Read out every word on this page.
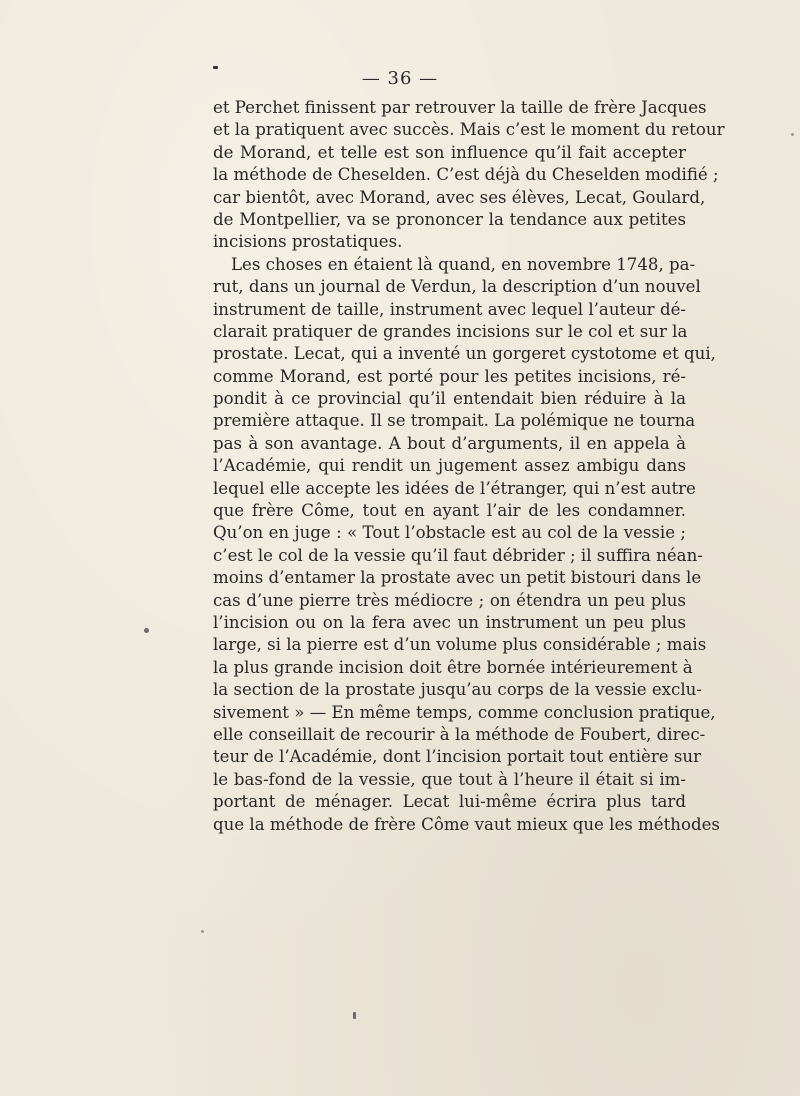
— 36 —
et Perchet finissent par retrouver la taille de frère Jacques
et la pratiquent avec succès. Mais c’est le moment du retour
de Morand, et telle est son influence qu’il fait accepter
la méthode de Cheselden. C’est déjà du Cheselden modifié ;
car bientôt, avec Morand, avec ses élèves, Lecat, Goulard,
de Montpellier, va se prononcer la tendance aux petites
incisions prostatiques.
Les choses en étaient là quand, en novembre 1748, pa-
rut, dans un journal de Verdun, la description d’un nouvel
instrument de taille, instrument avec lequel l’auteur dé-
clarait pratiquer de grandes incisions sur le col et sur la
prostate. Lecat, qui a inventé un gorgeret cystotome et qui,
comme Morand, est porté pour les petites incisions, ré-
pondit à ce provincial qu’il entendait bien réduire à la
première attaque. Il se trompait. La polémique ne tourna
pas à son avantage. A bout d’arguments, il en appela à
l’Académie, qui rendit un jugement assez ambigu dans
lequel elle accepte les idées de l’étranger, qui n’est autre
que frère Côme, tout en ayant l’air de les condamner.
Qu’on en juge : « Tout l’obstacle est au col de la vessie ;
c’est le col de la vessie qu’il faut débrider ; il suffira néan-
moins d’entamer la prostate avec un petit bistouri dans le
cas d’une pierre très médiocre ; on étendra un peu plus
l’incision ou on la fera avec un instrument un peu plus
large, si la pierre est d’un volume plus considérable ; mais
la plus grande incision doit être bornée intérieurement à
la section de la prostate jusqu’au corps de la vessie exclu-
sivement » — En même temps, comme conclusion pratique,
elle conseillait de recourir à la méthode de Foubert, direc-
teur de l’Académie, dont l’incision portait tout entière sur
le bas-fond de la vessie, que tout à l’heure il était si im-
portant de ménager. Lecat lui-même écrira plus tard
que la méthode de frère Côme vaut mieux que les méthodes
